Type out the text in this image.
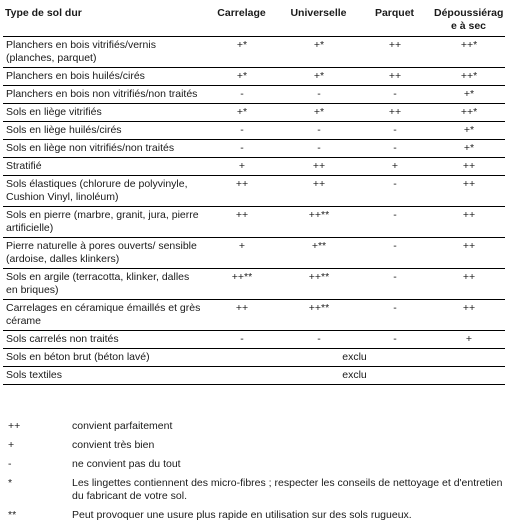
Type de sol dur	Carrelage	Universelle	Parquet	Dépoussiérag
e à sec
Planchers en bois vitrifiés/vernis (planches, parquet)	+*	+*	++	++*
Planchers en bois huilés/cirés	+*	+*	++	++*
Planchers en bois non vitrifiés/non traités	-	-	-	+*
Sols en liège vitrifiés	+*	+*	++	++*
Sols en liège huilés/cirés	-	-	-	+*
Sols en liège non vitrifiés/non traités	-	-	-	+*
Stratifié	+	++	+	++
Sols élastiques (chlorure de polyvinyle, Cushion Vinyl, linoléum)	++	++	-	++
Sols en pierre (marbre, granit, jura, pierre artificielle)	++	++**	-	++
Pierre naturelle à pores ouverts/ sensible (ardoise, dalles klinkers)	+	+**	-	++
Sols en argile (terracotta, klinker, dalles en briques)	++**	++**	-	++
Carrelages en céramique émaillés et grès cérame	++	++**	-	++
Sols carrelés non traités	-	-	-	+
Sols en béton brut (béton lavé)	exclu			
Sols textiles	exclu			
++	convient parfaitement
+	convient très bien
-	ne convient pas du tout
*	Les lingettes contiennent des micro-fibres ; respecter les conseils de nettoyage et d'entretien du fabricant de votre sol.
**	Peut provoquer une usure plus rapide en utilisation sur des sols rugueux.
